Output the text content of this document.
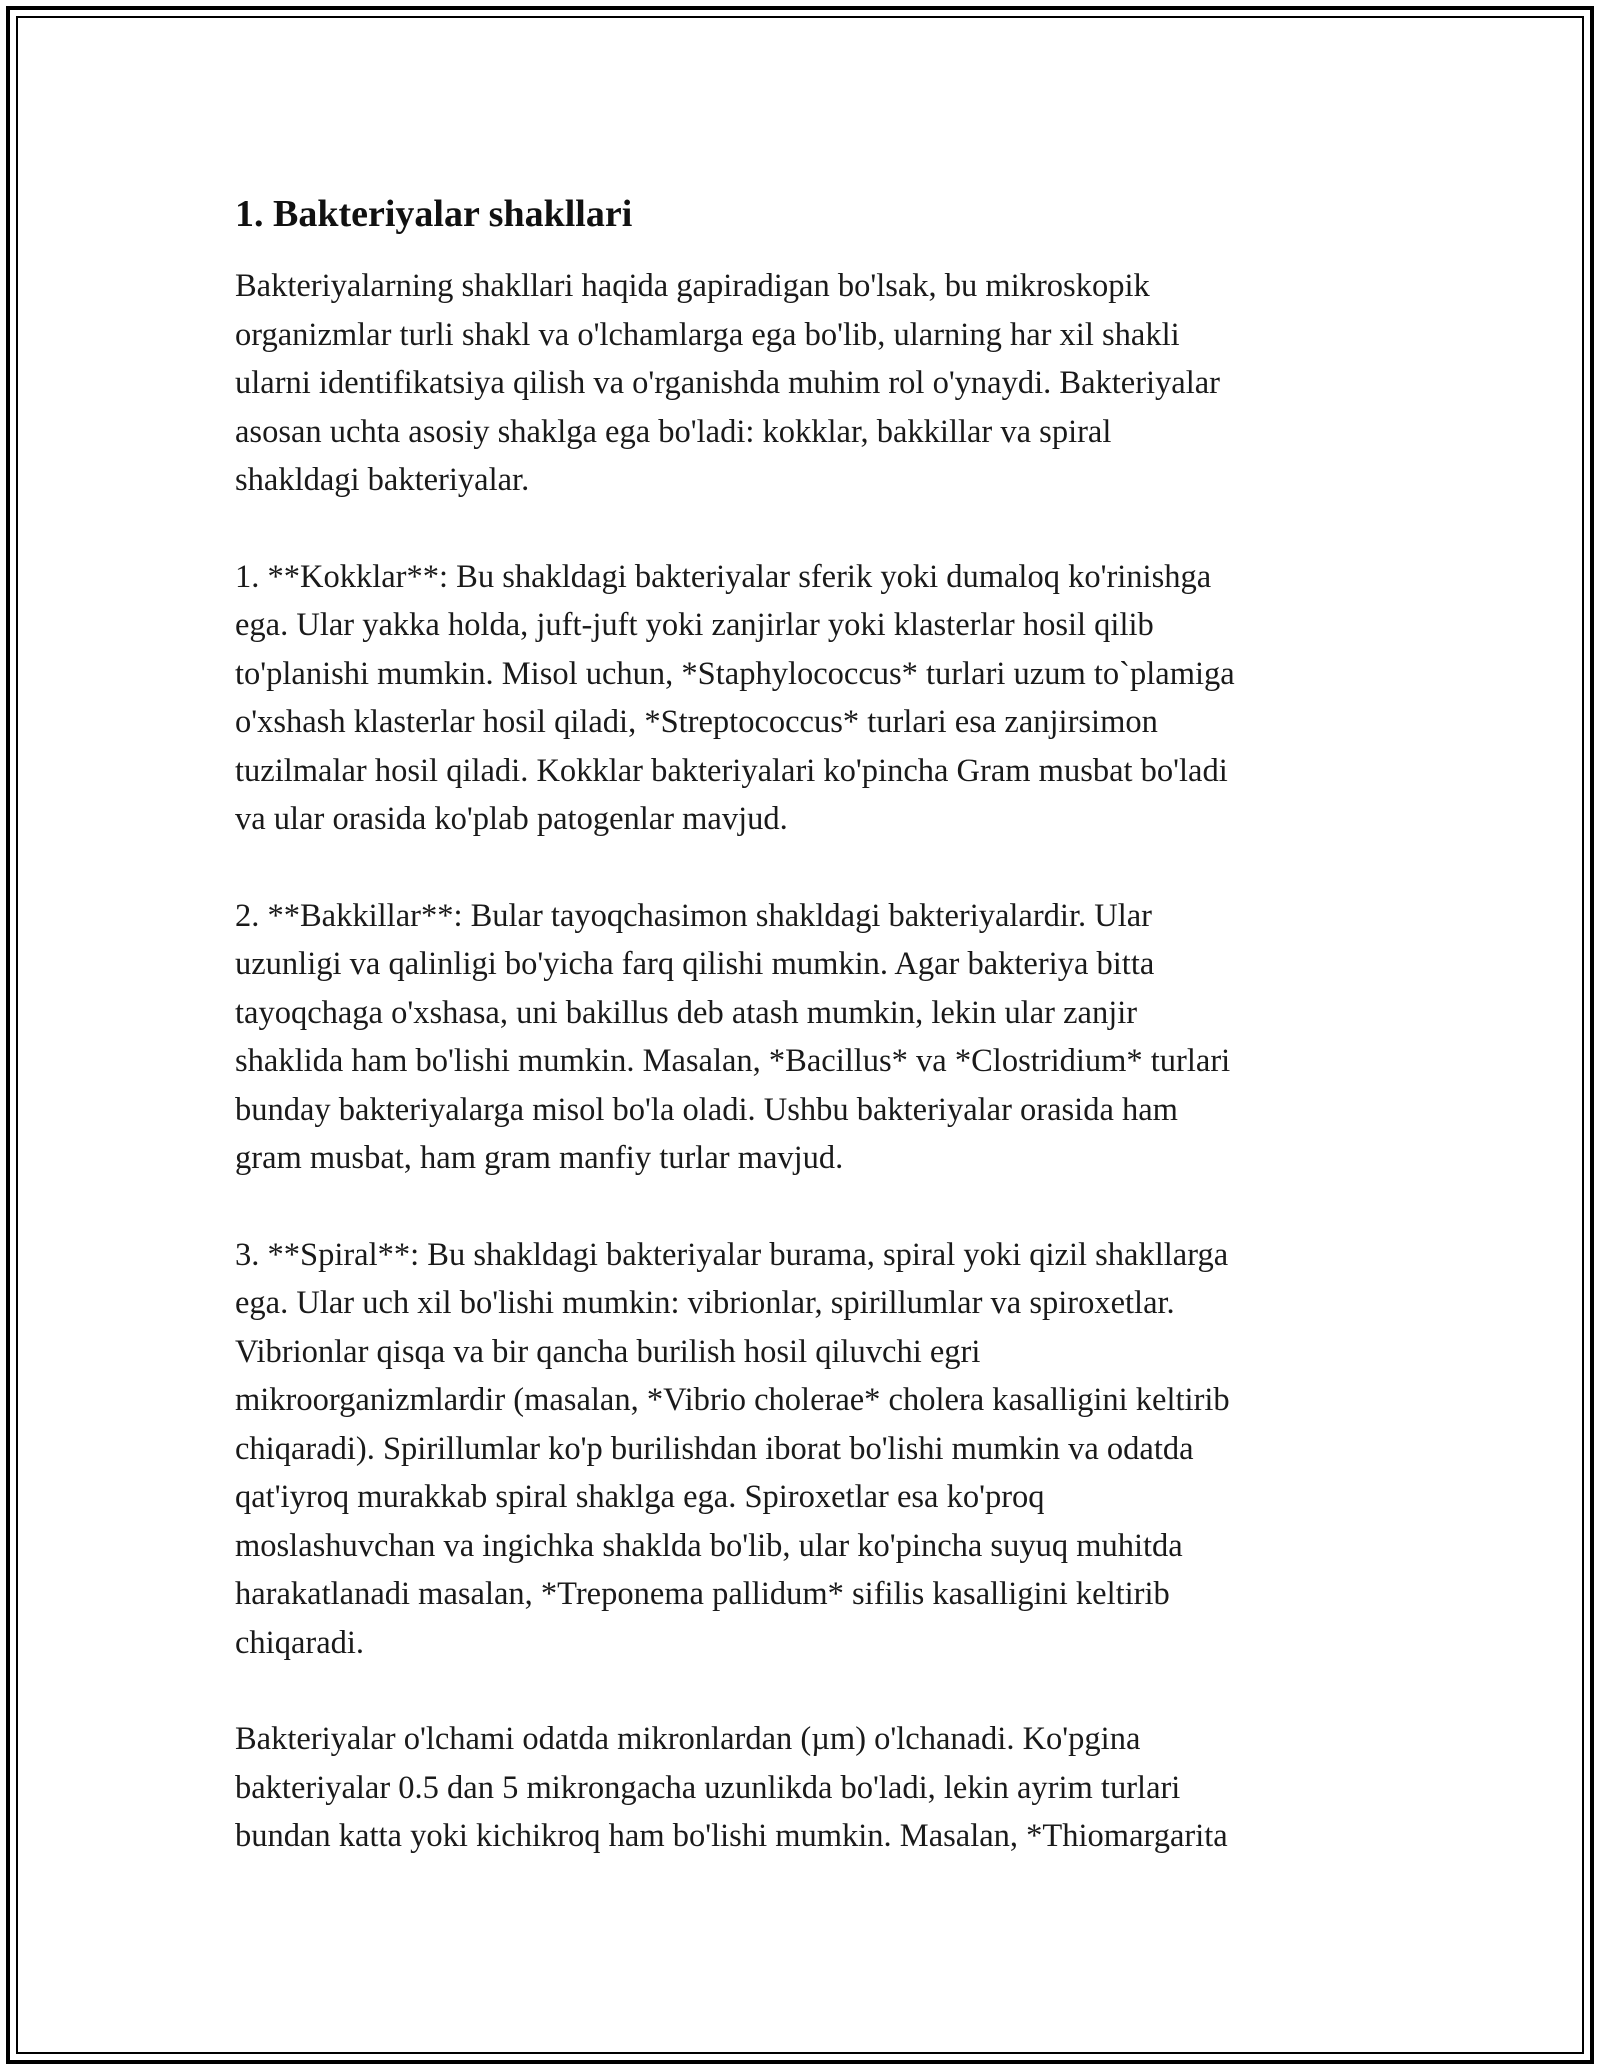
1. Bakteriyalar shakllari

Bakteriyalarning shakllari haqida gapiradigan bo'lsak, bu mikroskopik
organizmlar turli shakl va o'lchamlarga ega bo'lib, ularning har xil shakli
ularni identifikatsiya qilish va o'rganishda muhim rol o'ynaydi. Bakteriyalar
asosan uchta asosiy shaklga ega bo'ladi: kokklar, bakkillar va spiral
shakldagi bakteriyalar.

1. **Kokklar**: Bu shakldagi bakteriyalar sferik yoki dumaloq ko'rinishga
ega. Ular yakka holda, juft-juft yoki zanjirlar yoki klasterlar hosil qilib
to'planishi mumkin. Misol uchun, *Staphylococcus* turlari uzum to`plamiga
o'xshash klasterlar hosil qiladi, *Streptococcus* turlari esa zanjirsimon
tuzilmalar hosil qiladi. Kokklar bakteriyalari ko'pincha Gram musbat bo'ladi
va ular orasida ko'plab patogenlar mavjud.

2. **Bakkillar**: Bular tayoqchasimon shakldagi bakteriyalardir. Ular
uzunligi va qalinligi bo'yicha farq qilishi mumkin. Agar bakteriya bitta
tayoqchaga o'xshasa, uni bakillus deb atash mumkin, lekin ular zanjir
shaklida ham bo'lishi mumkin. Masalan, *Bacillus* va *Clostridium* turlari
bunday bakteriyalarga misol bo'la oladi. Ushbu bakteriyalar orasida ham
gram musbat, ham gram manfiy turlar mavjud.

3. **Spiral**: Bu shakldagi bakteriyalar burama, spiral yoki qizil shakllarga
ega. Ular uch xil bo'lishi mumkin: vibrionlar, spirillumlar va spiroxetlar.
Vibrionlar qisqa va bir qancha burilish hosil qiluvchi egri
mikroorganizmlardir (masalan, *Vibrio cholerae* cholera kasalligini keltirib
chiqaradi). Spirillumlar ko'p burilishdan iborat bo'lishi mumkin va odatda
qat'iyroq murakkab spiral shaklga ega. Spiroxetlar esa ko'proq
moslashuvchan va ingichka shaklda bo'lib, ular ko'pincha suyuq muhitda
harakatlanadi masalan, *Treponema pallidum* sifilis kasalligini keltirib
chiqaradi.

Bakteriyalar o'lchami odatda mikronlardan (µm) o'lchanadi. Ko'pgina
bakteriyalar 0.5 dan 5 mikrongacha uzunlikda bo'ladi, lekin ayrim turlari
bundan katta yoki kichikroq ham bo'lishi mumkin. Masalan, *Thiomargarita
